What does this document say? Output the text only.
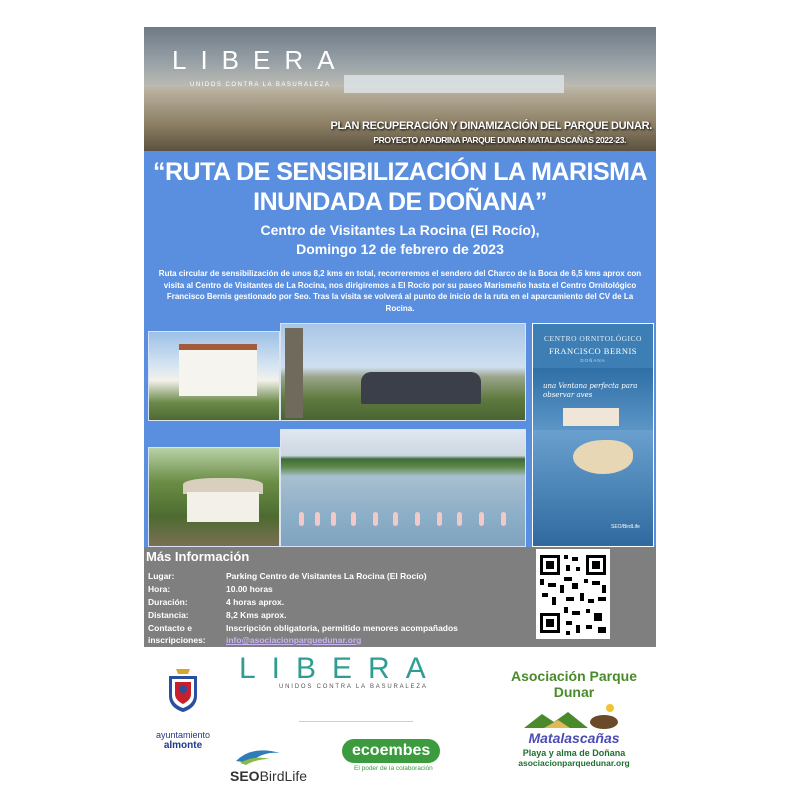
LIBERA
UNIDOS CONTRA LA BASURALEZA
PLAN RECUPERACIÓN Y DINAMIZACIÓN DEL PARQUE DUNAR.
PROYECTO APADRINA PARQUE DUNAR MATALASCAÑAS 2022-23.
“RUTA DE SENSIBILIZACIÓN LA MARISMA
INUNDADA DE DOÑANA”
Centro de Visitantes La Rocina (El Rocío),
Domingo 12 de febrero de 2023
Ruta circular de sensibilización de unos 8,2 kms en total, recorreremos el sendero del Charco de la Boca de 6,5 kms aprox con visita al Centro de Visitantes de La Rocina, nos dirigiremos a El Rocío por su paseo Marismeño hasta el Centro Ornitológico Francisco Bernis gestionado por Seo. Tras la visita se volverá al punto de inicio de la ruta en el aparcamiento del CV de La Rocina.
CENTRO ORNITOLÓGICO
FRANCISCO BERNIS
DOÑANA
una Ventana perfecta para observar aves
SEO/BirdLife
Más Información
Lugar:	Parking Centro de Visitantes La Rocina (El Rocío)
Hora:	10.00 horas
Duración:	4 horas aprox.
Distancia:	8,2 Kms aprox.
Contacto e	Inscripción obligatoria, permitido menores acompañados
inscripciones: info@asociacionparquedunar.org
ayuntamiento
almonte
LIBERA
UNIDOS CONTRA LA BASURALEZA
SEOBirdLife
ecoembes
El poder de la colaboración
Asociación Parque Dunar
Matalascañas
Playa y alma de Doñana
asociacionparquedunar.org
